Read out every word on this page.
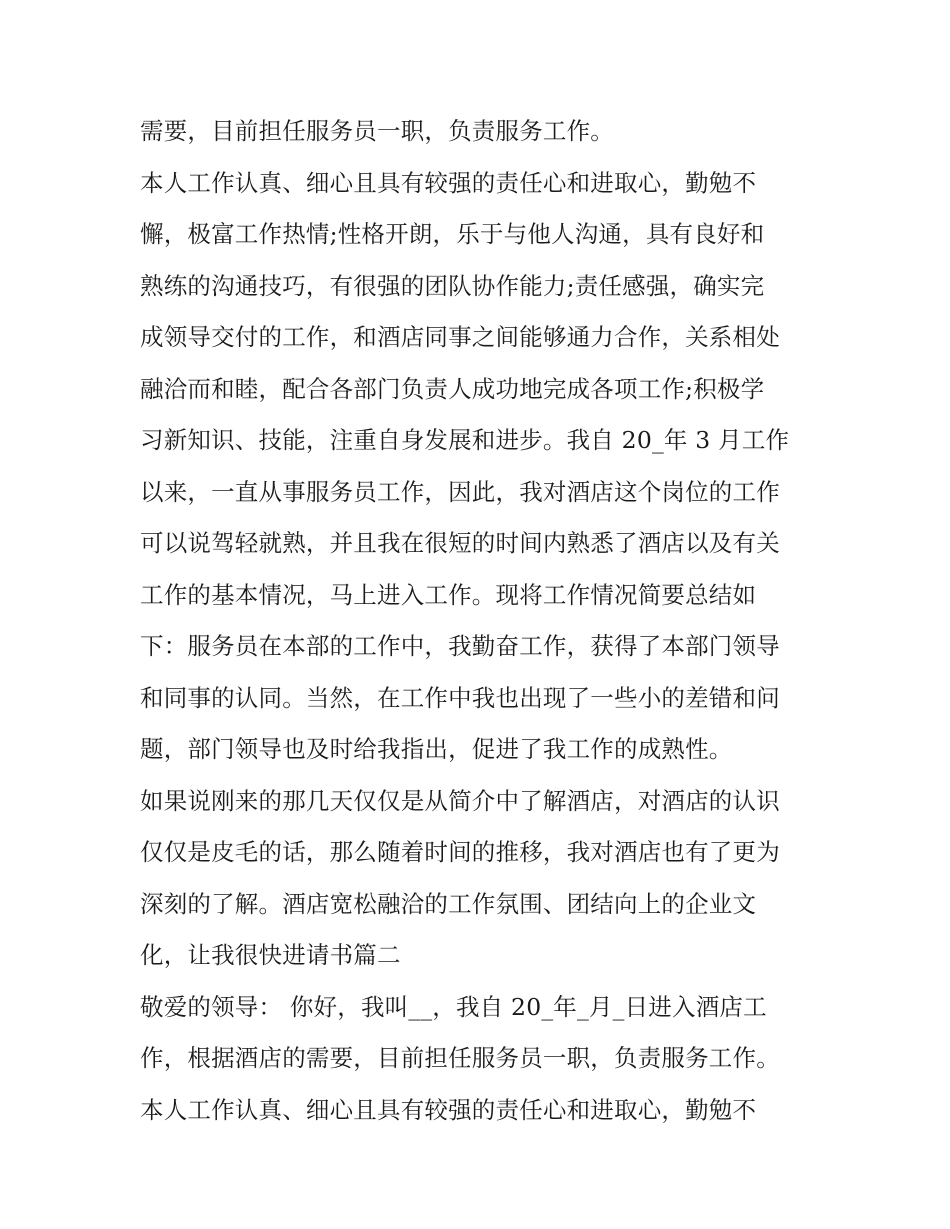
需要，目前担任服务员一职，负责服务工作。
本人工作认真、细心且具有较强的责任心和进取心，勤勉不
懈，极富工作热情;性格开朗，乐于与他人沟通，具有良好和
熟练的沟通技巧，有很强的团队协作能力;责任感强，确实完
成领导交付的工作，和酒店同事之间能够通力合作，关系相处
融洽而和睦，配合各部门负责人成功地完成各项工作;积极学
习新知识、技能，注重自身发展和进步。我自 20_年 3 月工作
以来，一直从事服务员工作，因此，我对酒店这个岗位的工作
可以说驾轻就熟，并且我在很短的时间内熟悉了酒店以及有关
工作的基本情况，马上进入工作。现将工作情况简要总结如
下：服务员在本部的工作中，我勤奋工作，获得了本部门领导
和同事的认同。当然，在工作中我也出现了一些小的差错和问
题，部门领导也及时给我指出，促进了我工作的成熟性。
如果说刚来的那几天仅仅是从简介中了解酒店，对酒店的认识
仅仅是皮毛的话，那么随着时间的推移，我对酒店也有了更为
深刻的了解。酒店宽松融洽的工作氛围、团结向上的企业文
化，让我很快进请书篇二
敬爱的领导： 你好，我叫__，我自 20_年_月_日进入酒店工
作，根据酒店的需要，目前担任服务员一职，负责服务工作。
本人工作认真、细心且具有较强的责任心和进取心，勤勉不
